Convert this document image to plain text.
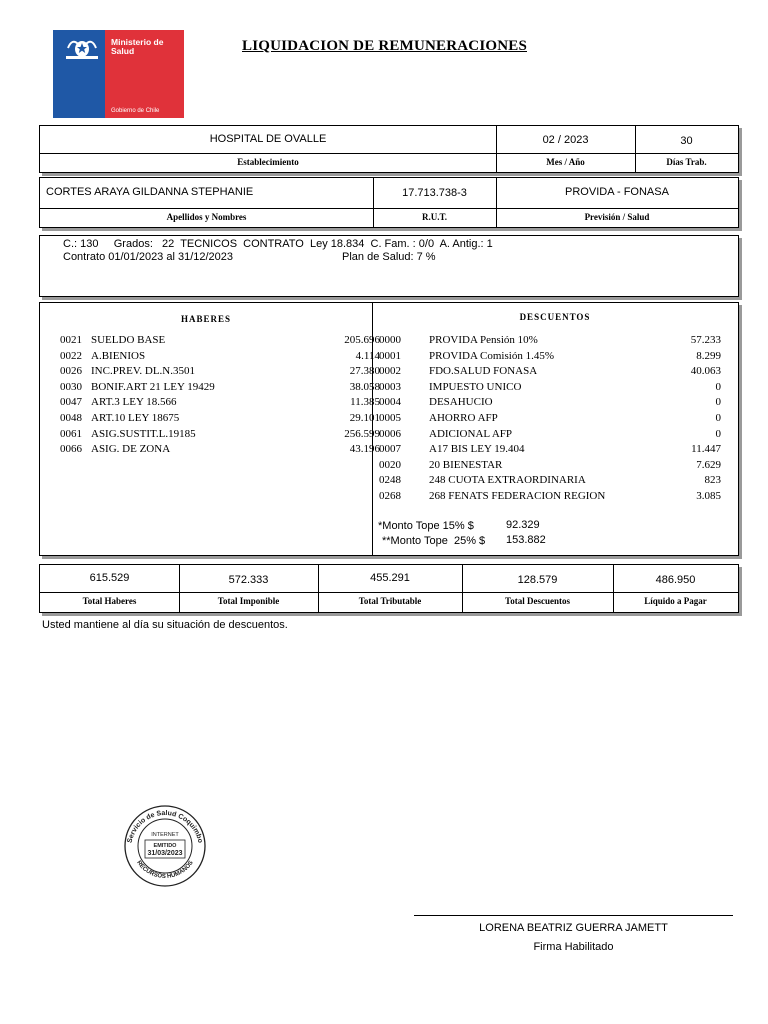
Ministerio de
Salud
Gobierno de Chile
LIQUIDACION DE REMUNERACIONES
HOSPITAL DE OVALLE
Establecimiento
02 / 2023
Mes / Año
30
Días Trab.
CORTES ARAYA GILDANNA STEPHANIE
Apellidos y Nombres
17.713.738-3
R.U.T.
PROVIDA - FONASA
Previsión / Salud
C.: 130     Grados:   22  TECNICOS  CONTRATO  Ley 18.834  C. Fam. : 0/0  A. Antig.: 1
Contrato 01/01/2023 al 31/12/2023	Plan de Salud: 7 %
HABERES	DESCUENTOS
0021 SUELDO BASE	205.696
0022 A.BIENIOS	4.114
0026 INC.PREV. DL.N.3501	27.380
0030 BONIF.ART 21 LEY 19429	38.058
0047 ART.3 LEY 18.566	11.385
0048 ART.10 LEY 18675	29.101
0061 ASIG.SUSTIT.L.19185	256.599
0066 ASIG. DE ZONA	43.196
0000	PROVIDA Pensión 10%	57.233
0001	PROVIDA Comisión 1.45%	8.299
0002	FDO.SALUD FONASA	40.063
0003	IMPUESTO UNICO	0
0004	DESAHUCIO	0
0005	AHORRO AFP	0
0006	ADICIONAL AFP	0
0007	A17 BIS LEY 19.404	11.447
0020	20 BIENESTAR	7.629
0248	248 CUOTA EXTRAORDINARIA	823
0268	268 FENATS FEDERACION REGION	3.085
*Monto Tope 15% $	92.329
**Monto Tope  25% $ 153.882
615.529
Total Haberes
572.333
Total Imponible
455.291
Total Tributable
128.579
Total Descuentos
486.950
Líquido a Pagar
Usted mantiene al día su situación de descuentos.
Servicio de Salud Coquimbo
RECURSOS HUMANOS
INTERNET
EMITIDO
31/03/2023
LORENA BEATRIZ GUERRA JAMETT
Firma Habilitado
